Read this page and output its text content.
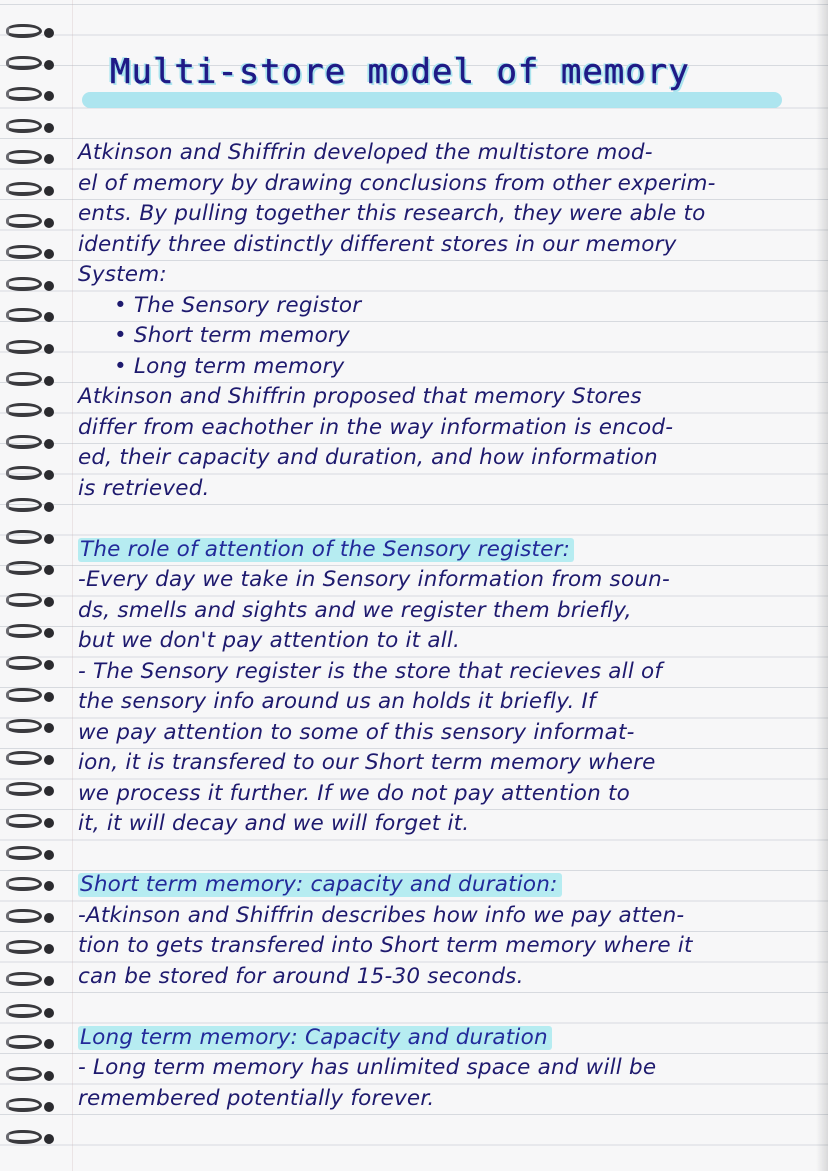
Multi-store model of memory
Atkinson and Shiffrin developed the multistore mod-
el of memory by drawing conclusions from other experim-
ents. By pulling together this research, they were able to
identify three distinctly different stores in our memory
System:
• The Sensory registor
• Short term memory
• Long term memory
Atkinson and Shiffrin proposed that memory Stores
differ from eachother in the way information is encod-
ed, their capacity and duration, and how information
is retrieved.
The role of attention of the Sensory register:
-Every day we take in Sensory information from soun-
ds, smells and sights and we register them briefly,
but we don't pay attention to it all.
- The Sensory register is the store that recieves all of
the sensory info around us an holds it briefly. If
we pay attention to some of this sensory informat-
ion, it is transfered to our Short term memory where
we process it further. If we do not pay attention to
it, it will decay and we will forget it.
Short term memory: capacity and duration:
-Atkinson and Shiffrin describes how info we pay atten-
tion to gets transfered into Short term memory where it
can be stored for around 15-30 seconds.
Long term memory: Capacity and duration
- Long term memory has unlimited space and will be
remembered potentially forever.
